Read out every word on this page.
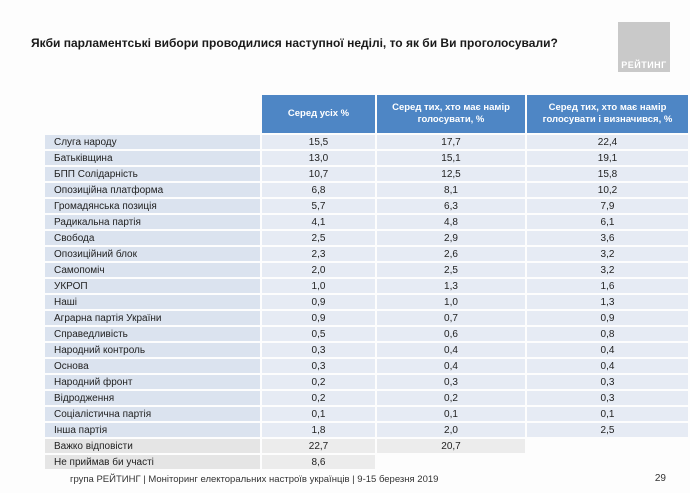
Якби парламентські вибори проводилися наступної неділі, то як би Ви проголосували?
РЕЙТИНГ
Серед усіх %
Серед тих, хто має намір голосувати, %
Серед тих, хто має намір голосувати і визначився, %
Слуга народу	15,5	17,7	22,4
Батьківщина	13,0	15,1	19,1
БПП Солідарність	10,7	12,5	15,8
Опозиційна платформа	6,8	8,1	10,2
Громадянська позиція	5,7	6,3	7,9
Радикальна партія	4,1	4,8	6,1
Свобода	2,5	2,9	3,6
Опозиційний блок	2,3	2,6	3,2
Самопоміч	2,0	2,5	3,2
УКРОП	1,0	1,3	1,6
Наші	0,9	1,0	1,3
Аграрна партія України	0,9	0,7	0,9
Справедливість	0,5	0,6	0,8
Народний контроль	0,3	0,4	0,4
Основа	0,3	0,4	0,4
Народний фронт	0,2	0,3	0,3
Відродження	0,2	0,2	0,3
Соціалістична партія	0,1	0,1	0,1
Інша партія	1,8	2,0	2,5
Важко відповісти	22,7	20,7
Не приймав би участі	8,6
група РЕЙТИНГ | Моніторинг електоральних настроїв українців | 9-15 березня 2019	29
